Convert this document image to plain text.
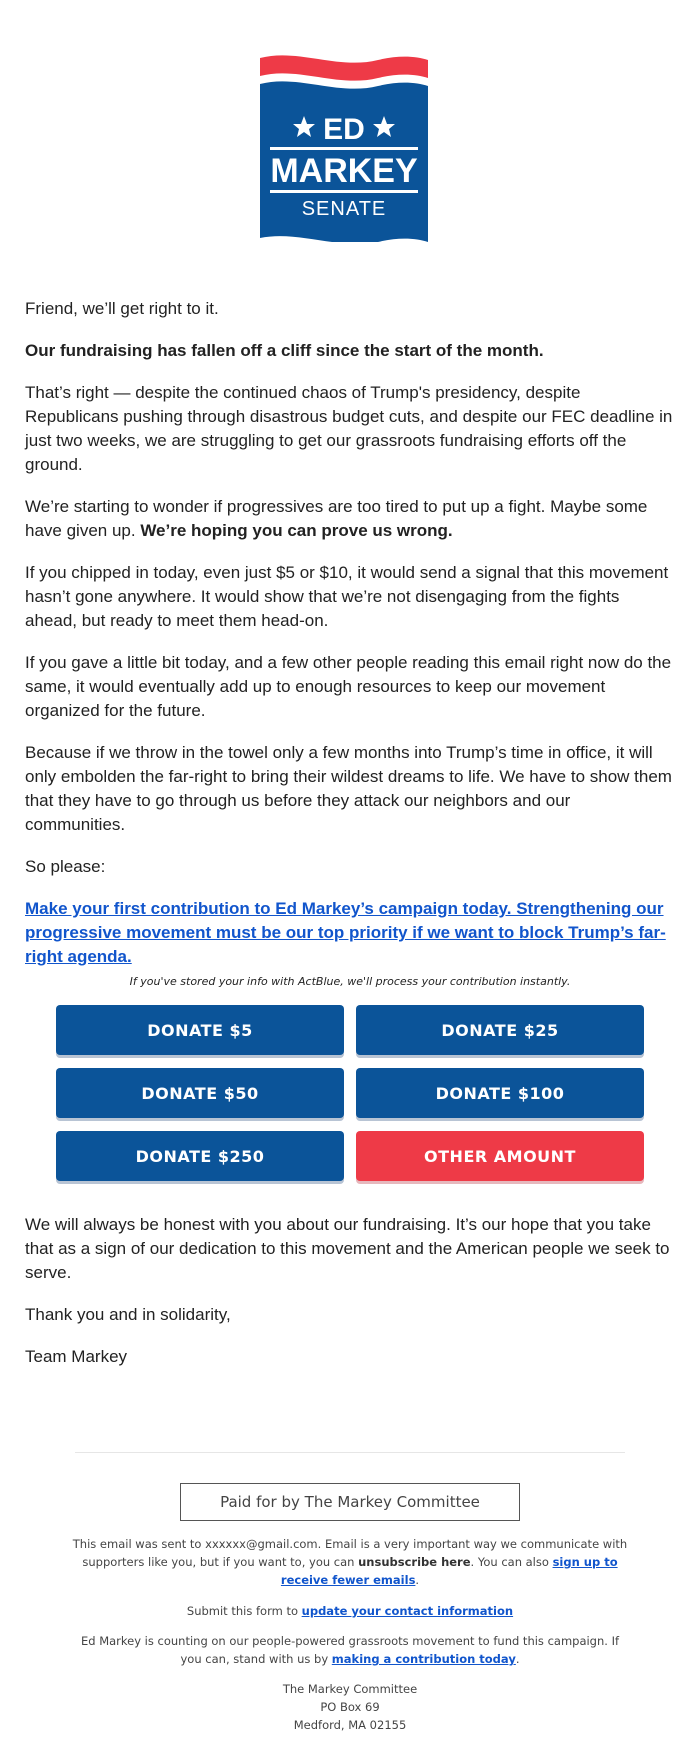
ED
MARKEY
SENATE

Friend, we’ll get right to it.

Our fundraising has fallen off a cliff since the start of the month.

That’s right — despite the continued chaos of Trump's presidency, despite Republicans pushing through disastrous budget cuts, and despite our FEC deadline in just two weeks, we are struggling to get our grassroots fundraising efforts off the ground.

We’re starting to wonder if progressives are too tired to put up a fight. Maybe some have given up. We’re hoping you can prove us wrong.

If you chipped in today, even just $5 or $10, it would send a signal that this movement hasn’t gone anywhere. It would show that we’re not disengaging from the fights ahead, but ready to meet them head-on.

If you gave a little bit today, and a few other people reading this email right now do the same, it would eventually add up to enough resources to keep our movement organized for the future.

Because if we throw in the towel only a few months into Trump’s time in office, it will only embolden the far-right to bring their wildest dreams to life. We have to show them that they have to go through us before they attack our neighbors and our communities.

So please:

Make your first contribution to Ed Markey’s campaign today. Strengthening our progressive movement must be our top priority if we want to block Trump’s far-right agenda.

If you've stored your info with ActBlue, we'll process your contribution instantly.
DONATE $5	DONATE $25
DONATE $50	DONATE $100
DONATE $250	OTHER AMOUNT

We will always be honest with you about our fundraising. It’s our hope that you take that as a sign of our dedication to this movement and the American people we seek to serve.

Thank you and in solidarity,

Team Markey

Paid for by The Markey Committee
This email was sent to xxxxxx@gmail.com. Email is a very important way we communicate with supporters like you, but if you want to, you can unsubscribe here. You can also sign up to receive fewer emails.
Submit this form to update your contact information
Ed Markey is counting on our people-powered grassroots movement to fund this campaign. If you can, stand with us by making a contribution today.
The Markey Committee
PO Box 69
Medford, MA 02155
